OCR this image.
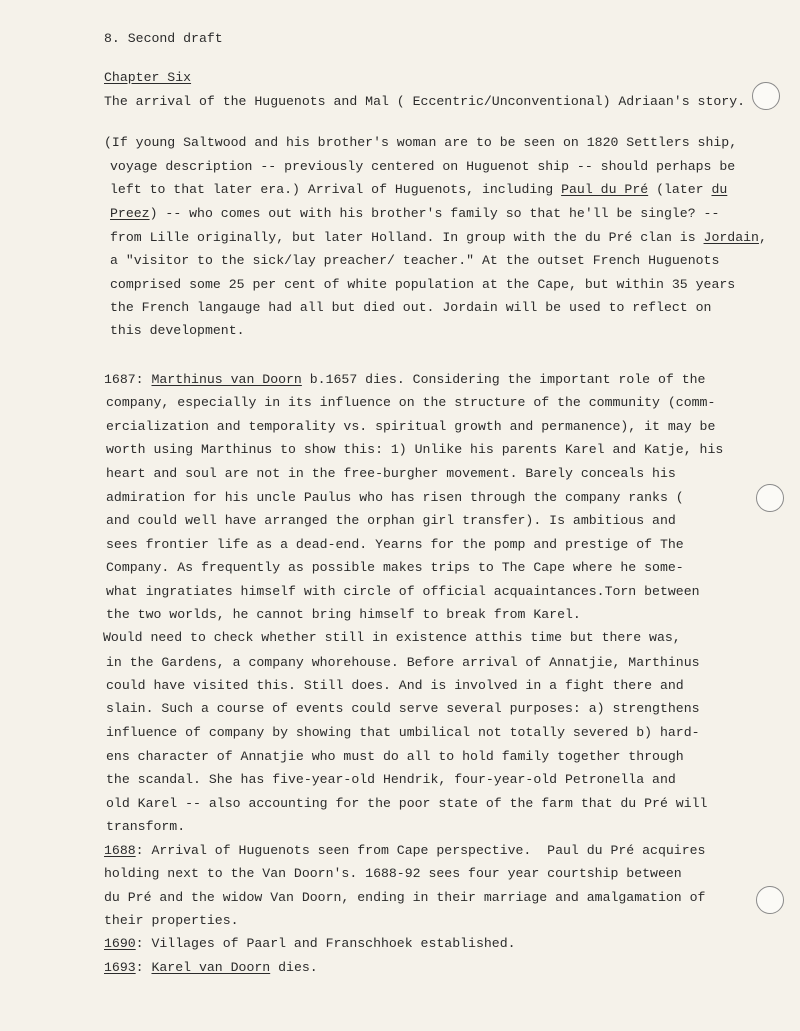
8. Second draft
Chapter Six
The arrival of the Huguenots and Mal ( Eccentric/Unconventional) Adriaan's story.
(If young Saltwood and his brother's woman are to be seen on 1820 Settlers ship,
voyage description -- previously centered on Huguenot ship -- should perhaps be
left to that later era.) Arrival of Huguenots, including Paul du Pré (later du
Preez) -- who comes out with his brother's family so that he'll be single? --
from Lille originally, but later Holland. In group with the du Pré clan is Jordain,
a "visitor to the sick/lay preacher/ teacher." At the outset French Huguenots
comprised some 25 per cent of white population at the Cape, but within 35 years
the French langauge had all but died out. Jordain will be used to reflect on
this development.
1687: Marthinus van Doorn b.1657 dies. Considering the important role of the
company, especially in its influence on the structure of the community (comm-
ercialization and temporality vs. spiritual growth and permanence), it may be
worth using Marthinus to show this: 1) Unlike his parents Karel and Katje, his
heart and soul are not in the free-burgher movement. Barely conceals his
admiration for his uncle Paulus who has risen through the company ranks (
and could well have arranged the orphan girl transfer). Is ambitious and
sees frontier life as a dead-end. Yearns for the pomp and prestige of The
Company. As frequently as possible makes trips to The Cape where he some-
what ingratiates himself with circle of official acquaintances.Torn between
the two worlds, he cannot bring himself to break from Karel.
Would need to check whether still in existence atthis time but there was,
in the Gardens, a company whorehouse. Before arrival of Annatjie, Marthinus
could have visited this. Still does. And is involved in a fight there and
slain. Such a course of events could serve several purposes: a) strengthens
influence of company by showing that umbilical not totally severed b) hard-
ens character of Annatjie who must do all to hold family together through
the scandal. She has five-year-old Hendrik, four-year-old Petronella and
old Karel -- also accounting for the poor state of the farm that du Pré will
transform.
1688: Arrival of Huguenots seen from Cape perspective.  Paul du Pré acquires
holding next to the Van Doorn's. 1688-92 sees four year courtship between
du Pré and the widow Van Doorn, ending in their marriage and amalgamation of
their properties.
1690: Villages of Paarl and Franschhoek established.
1693: Karel van Doorn dies.
